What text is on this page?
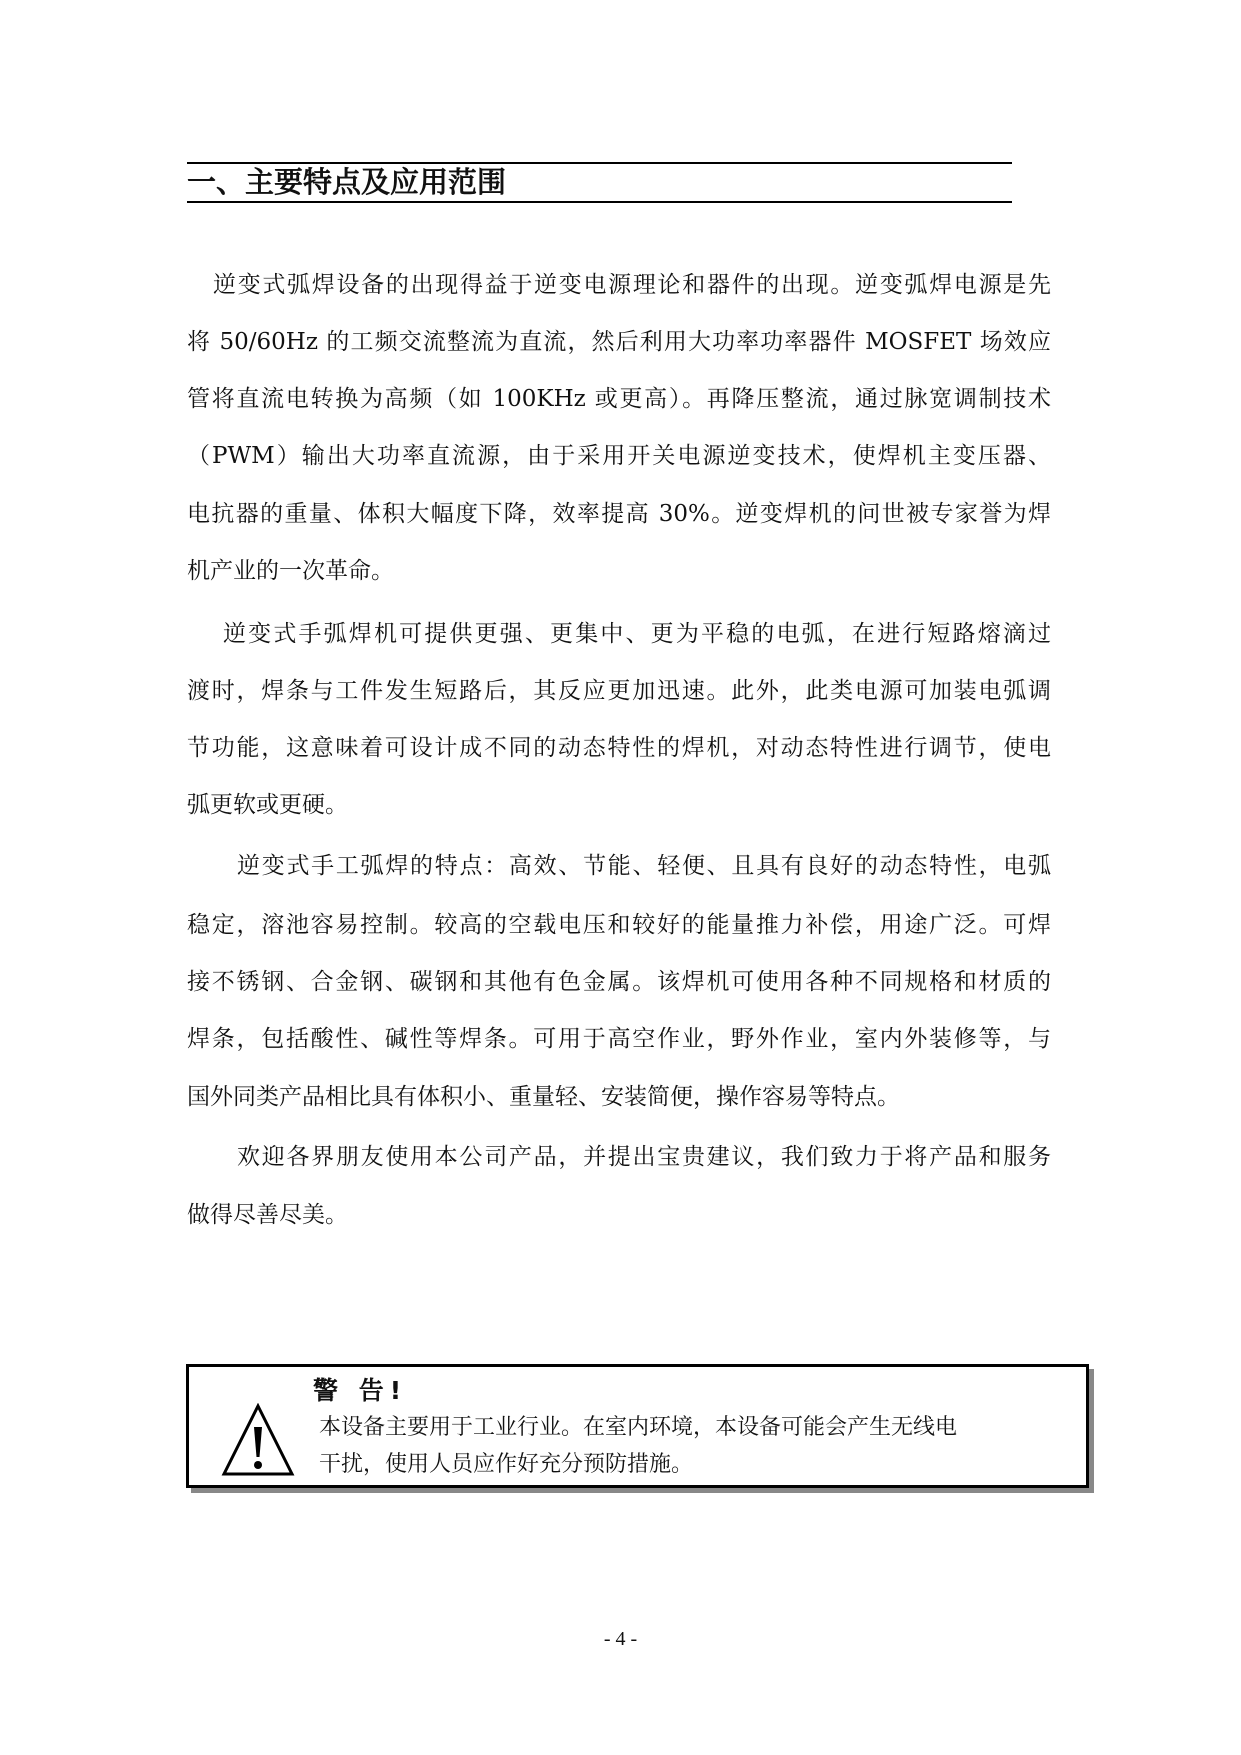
一、主要特点及应用范围
逆变式弧焊设备的出现得益于逆变电源理论和器件的出现。逆变弧焊电源是先
将 50/60Hz 的工频交流整流为直流，然后利用大功率功率器件 MOSFET 场效应
管将直流电转换为高频（如 100KHz 或更高）。再降压整流，通过脉宽调制技术
（PWM）输出大功率直流源，由于采用开关电源逆变技术，使焊机主变压器、
电抗器的重量、体积大幅度下降，效率提高 30%。逆变焊机的问世被专家誉为焊
机产业的一次革命。
逆变式手弧焊机可提供更强、更集中、更为平稳的电弧，在进行短路熔滴过
渡时，焊条与工件发生短路后，其反应更加迅速。此外，此类电源可加装电弧调
节功能，这意味着可设计成不同的动态特性的焊机，对动态特性进行调节，使电
弧更软或更硬。
逆变式手工弧焊的特点：高效、节能、轻便、且具有良好的动态特性，电弧
稳定，溶池容易控制。较高的空载电压和较好的能量推力补偿，用途广泛。可焊
接不锈钢、合金钢、碳钢和其他有色金属。该焊机可使用各种不同规格和材质的
焊条，包括酸性、碱性等焊条。可用于高空作业，野外作业，室内外装修等，与
国外同类产品相比具有体积小、重量轻、安装简便，操作容易等特点。
欢迎各界朋友使用本公司产品，并提出宝贵建议，我们致力于将产品和服务
做得尽善尽美。
警 告!
本设备主要用于工业行业。在室内环境，本设备可能会产生无线电
干扰，使用人员应作好充分预防措施。
- 4 -
